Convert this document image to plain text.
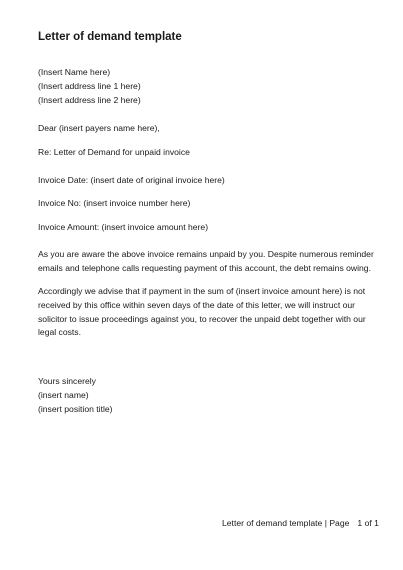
Letter of demand template
(Insert Name here)
(Insert address line 1 here)
(Insert address line 2 here)
Dear (insert payers name here),
Re: Letter of Demand for unpaid invoice
Invoice Date: (insert date of original invoice here)
Invoice No: (insert invoice number here)
Invoice Amount: (insert invoice amount here)
As you are aware the above invoice remains unpaid by you. Despite numerous reminder
emails and telephone calls requesting payment of this account, the debt remains owing.
Accordingly we advise that if payment in the sum of (insert invoice amount here) is not
received by this office within seven days of the date of this letter, we will instruct our
solicitor to issue proceedings against you, to recover the unpaid debt together with our
legal costs.
Yours sincerely
(insert name)
(insert position title)
Letter of demand template | Page 1 of 1
